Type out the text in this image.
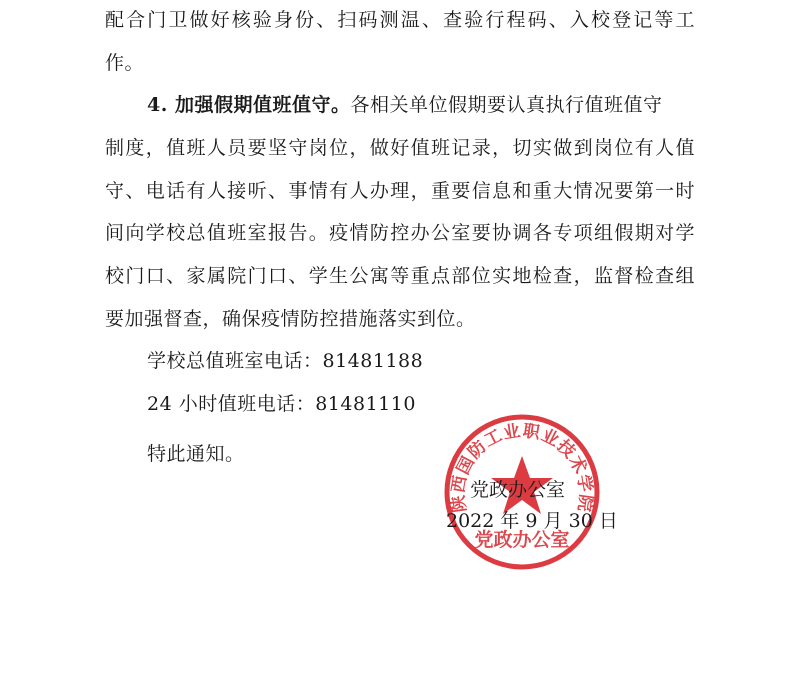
配合门卫做好核验身份、扫码测温、查验行程码、入校登记等工
作。
4. 加强假期值班值守。各相关单位假期要认真执行值班值守
制度，值班人员要坚守岗位，做好值班记录，切实做到岗位有人值
守、电话有人接听、事情有人办理，重要信息和重大情况要第一时
间向学校总值班室报告。疫情防控办公室要协调各专项组假期对学
校门口、家属院门口、学生公寓等重点部位实地检查，监督检查组
要加强督查，确保疫情防控措施落实到位。
学校总值班室电话：81481188
24 小时值班电话：81481110
特此通知。
陕西国防工业职业技术学院
党政办公室
党政办公室
2022 年 9 月 30 日
